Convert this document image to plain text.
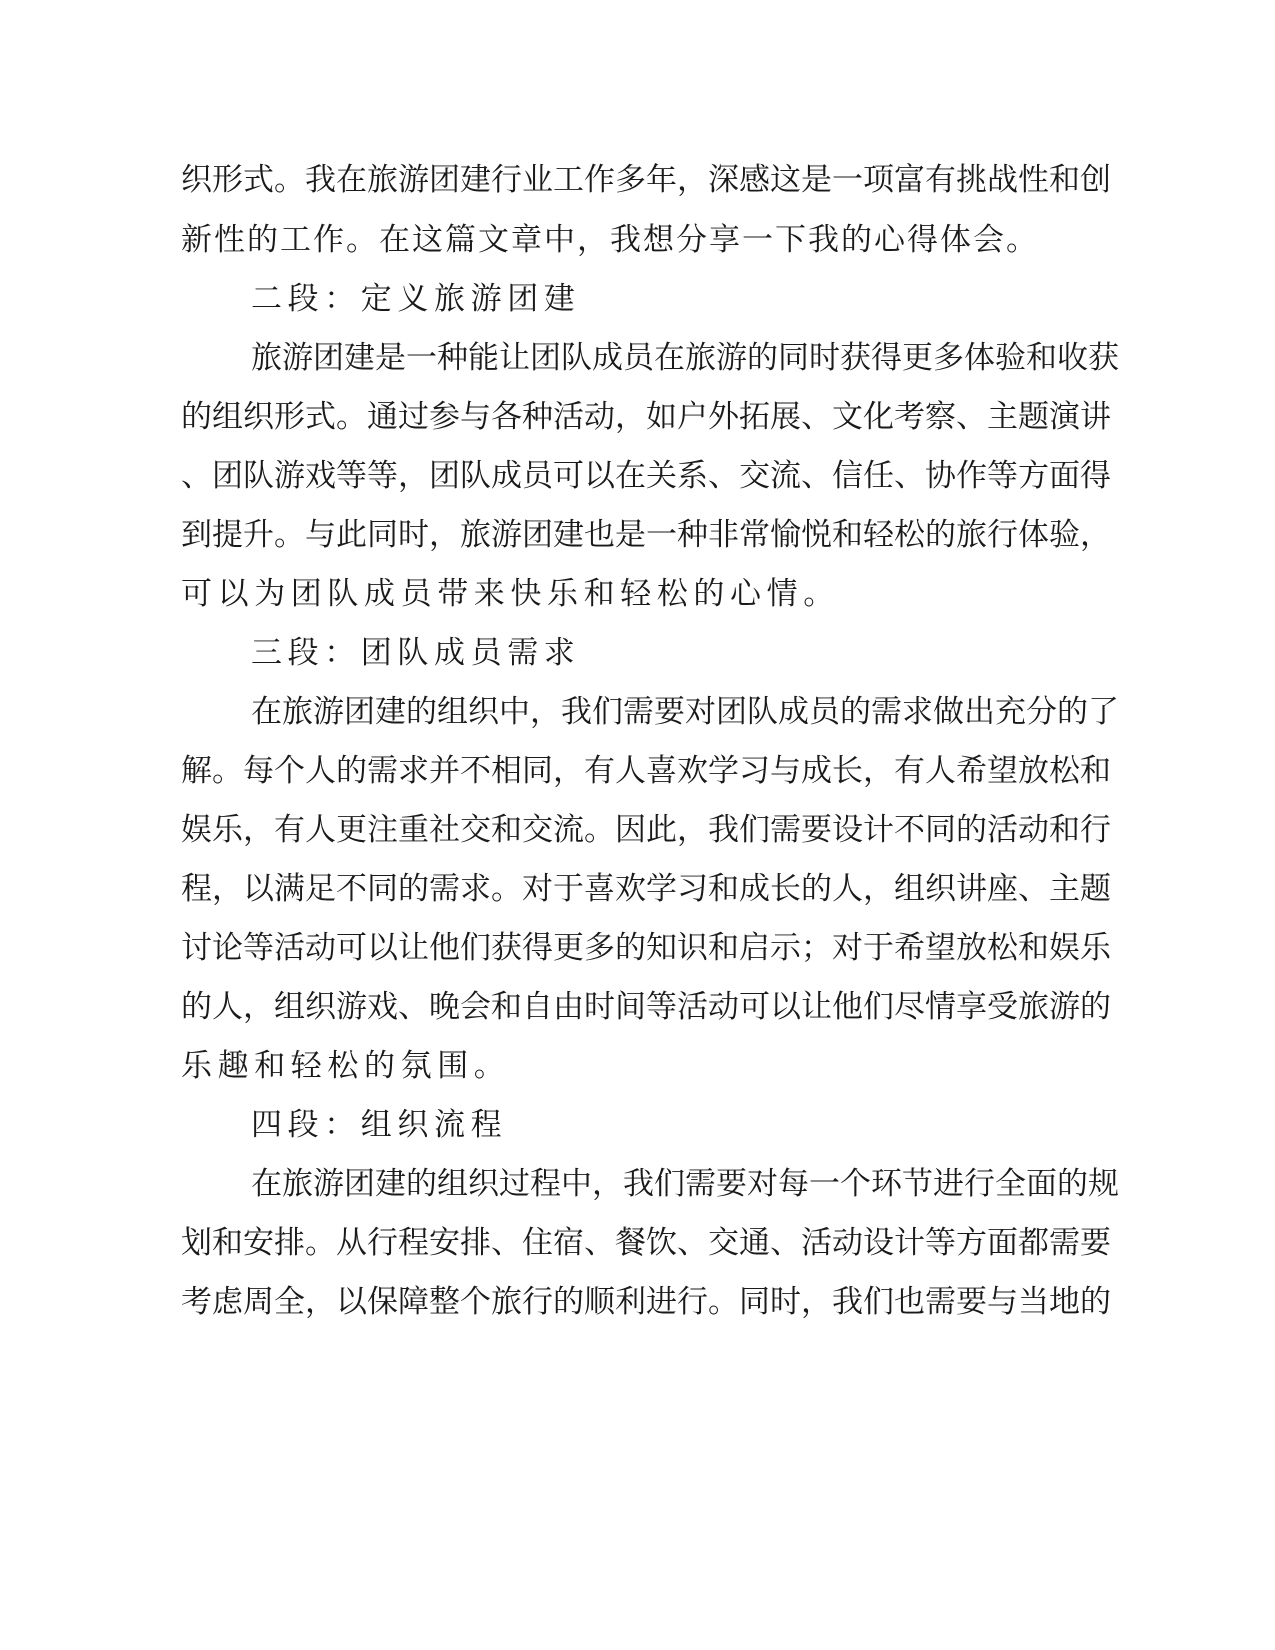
织形式。我在旅游团建行业工作多年，深感这是一项富有挑战性和创
新性的工作。在这篇文章中，我想分享一下我的心得体会。
二段：定义旅游团建
旅游团建是一种能让团队成员在旅游的同时获得更多体验和收获
的组织形式。通过参与各种活动，如户外拓展、文化考察、主题演讲
、团队游戏等等，团队成员可以在关系、交流、信任、协作等方面得
到提升。与此同时，旅游团建也是一种非常愉悦和轻松的旅行体验，
可以为团队成员带来快乐和轻松的心情。
三段：团队成员需求
在旅游团建的组织中，我们需要对团队成员的需求做出充分的了
解。每个人的需求并不相同，有人喜欢学习与成长，有人希望放松和
娱乐，有人更注重社交和交流。因此，我们需要设计不同的活动和行
程，以满足不同的需求。对于喜欢学习和成长的人，组织讲座、主题
讨论等活动可以让他们获得更多的知识和启示；对于希望放松和娱乐
的人，组织游戏、晚会和自由时间等活动可以让他们尽情享受旅游的
乐趣和轻松的氛围。
四段：组织流程
在旅游团建的组织过程中，我们需要对每一个环节进行全面的规
划和安排。从行程安排、住宿、餐饮、交通、活动设计等方面都需要
考虑周全，以保障整个旅行的顺利进行。同时，我们也需要与当地的
